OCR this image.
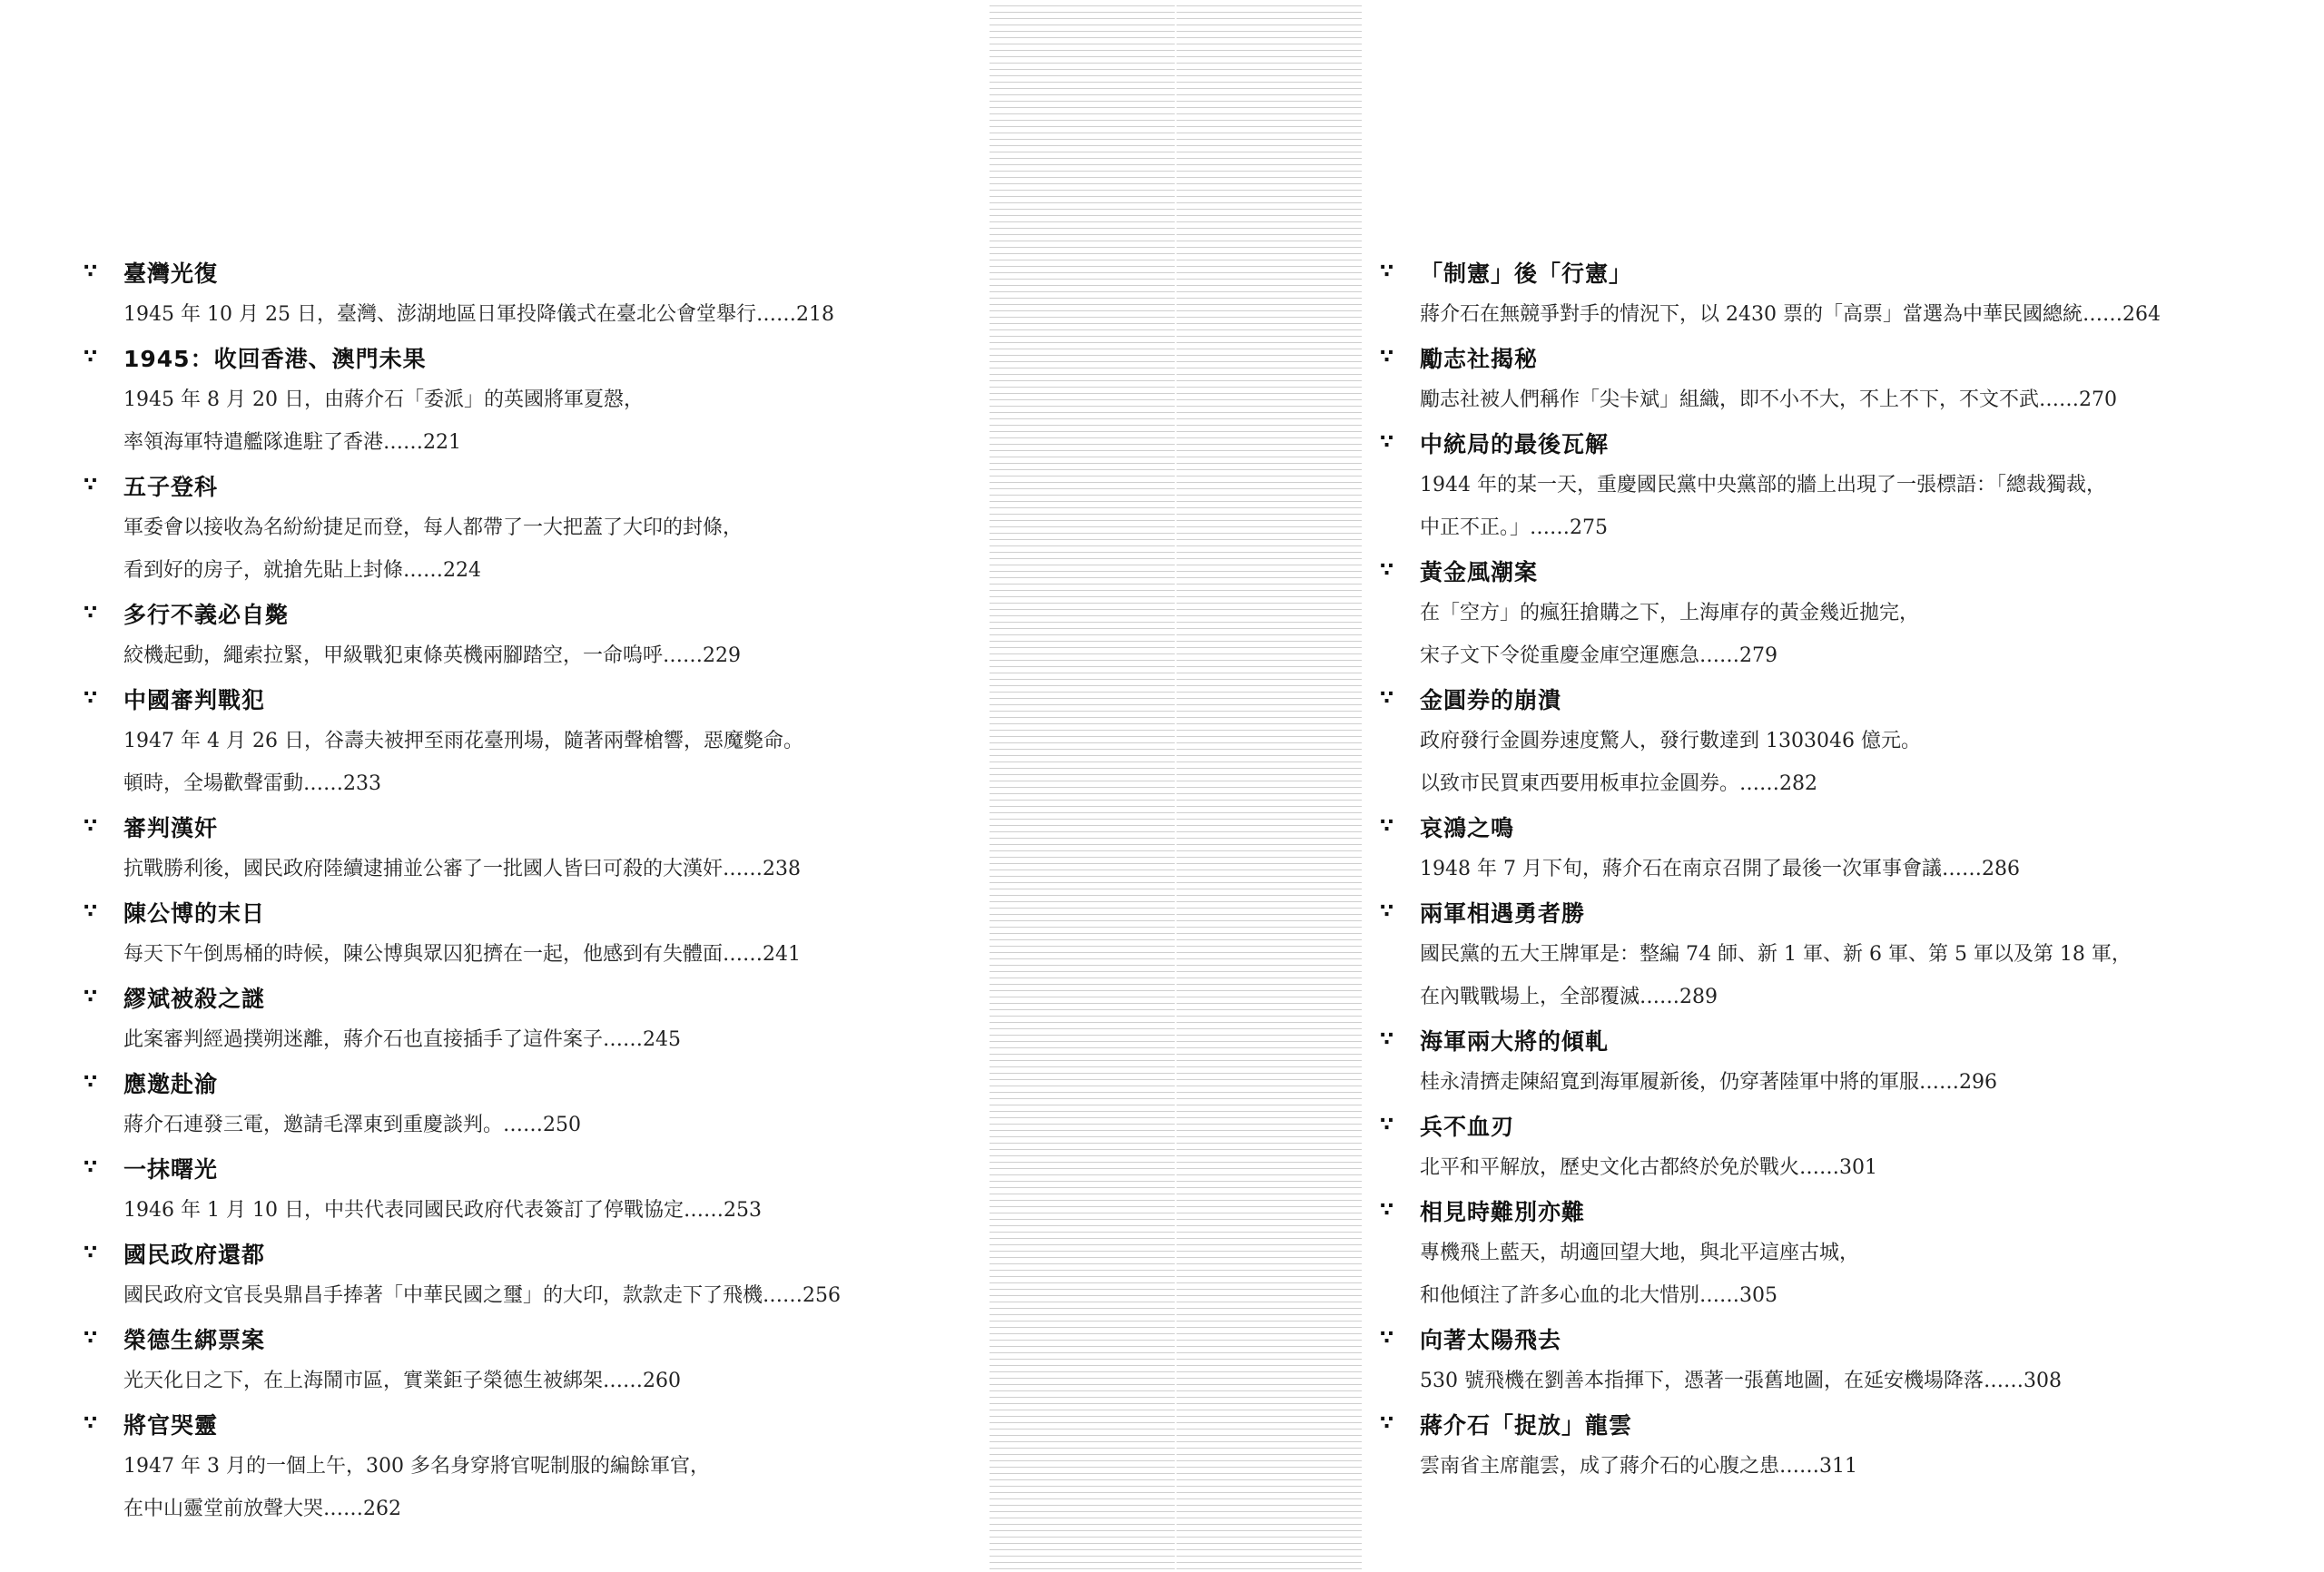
∵	臺灣光復
1945 年 10 月 25 日，臺灣、澎湖地區日軍投降儀式在臺北公會堂舉行……218
∵	1945：收回香港、澳門未果
1945 年 8 月 20 日，由蔣介石「委派」的英國將軍夏慤，
率領海軍特遣艦隊進駐了香港……221
∵	五子登科
軍委會以接收為名紛紛捷足而登，每人都帶了一大把蓋了大印的封條，
看到好的房子，就搶先貼上封條……224
∵	多行不義必自斃
絞機起動，繩索拉緊，甲級戰犯東條英機兩腳踏空，一命嗚呼……229
∵	中國審判戰犯
1947 年 4 月 26 日，谷壽夫被押至雨花臺刑場，隨著兩聲槍響，惡魔斃命。
頓時，全場歡聲雷動……233
∵	審判漢奸
抗戰勝利後，國民政府陸續逮捕並公審了一批國人皆曰可殺的大漢奸……238
∵	陳公博的末日
每天下午倒馬桶的時候，陳公博與眾囚犯擠在一起，他感到有失體面……241
∵	繆斌被殺之謎
此案審判經過撲朔迷離，蔣介石也直接插手了這件案子……245
∵	應邀赴渝
蔣介石連發三電，邀請毛澤東到重慶談判。……250
∵	一抹曙光
1946 年 1 月 10 日，中共代表同國民政府代表簽訂了停戰協定……253
∵	國民政府還都
國民政府文官長吳鼎昌手捧著「中華民國之璽」的大印，款款走下了飛機……256
∵	榮德生綁票案
光天化日之下，在上海鬧市區，實業鉅子榮德生被綁架……260
∵	將官哭靈
1947 年 3 月的一個上午，300 多名身穿將官呢制服的編餘軍官，
在中山靈堂前放聲大哭……262
∵	「制憲」後「行憲」
蔣介石在無競爭對手的情況下，以 2430 票的「高票」當選為中華民國總統……264
∵	勵志社揭秘
勵志社被人們稱作「尖卡斌」組織，即不小不大，不上不下，不文不武……270
∵	中統局的最後瓦解
1944 年的某一天，重慶國民黨中央黨部的牆上出現了一張標語：「總裁獨裁，
中正不正。」……275
∵	黃金風潮案
在「空方」的瘋狂搶購之下，上海庫存的黃金幾近拋完，
宋子文下令從重慶金庫空運應急……279
∵	金圓券的崩潰
政府發行金圓券速度驚人，發行數達到 1303046 億元。
以致市民買東西要用板車拉金圓券。……282
∵	哀鴻之鳴
1948 年 7 月下旬，蔣介石在南京召開了最後一次軍事會議……286
∵	兩軍相遇勇者勝
國民黨的五大王牌軍是：整編 74 師、新 1 軍、新 6 軍、第 5 軍以及第 18 軍，
在內戰戰場上，全部覆滅……289
∵	海軍兩大將的傾軋
桂永清擠走陳紹寬到海軍履新後，仍穿著陸軍中將的軍服……296
∵	兵不血刃
北平和平解放，歷史文化古都終於免於戰火……301
∵	相見時難別亦難
專機飛上藍天，胡適回望大地，與北平這座古城，
和他傾注了許多心血的北大惜別……305
∵	向著太陽飛去
530 號飛機在劉善本指揮下，憑著一張舊地圖，在延安機場降落……308
∵	蔣介石「捉放」龍雲
雲南省主席龍雲，成了蔣介石的心腹之患……311
